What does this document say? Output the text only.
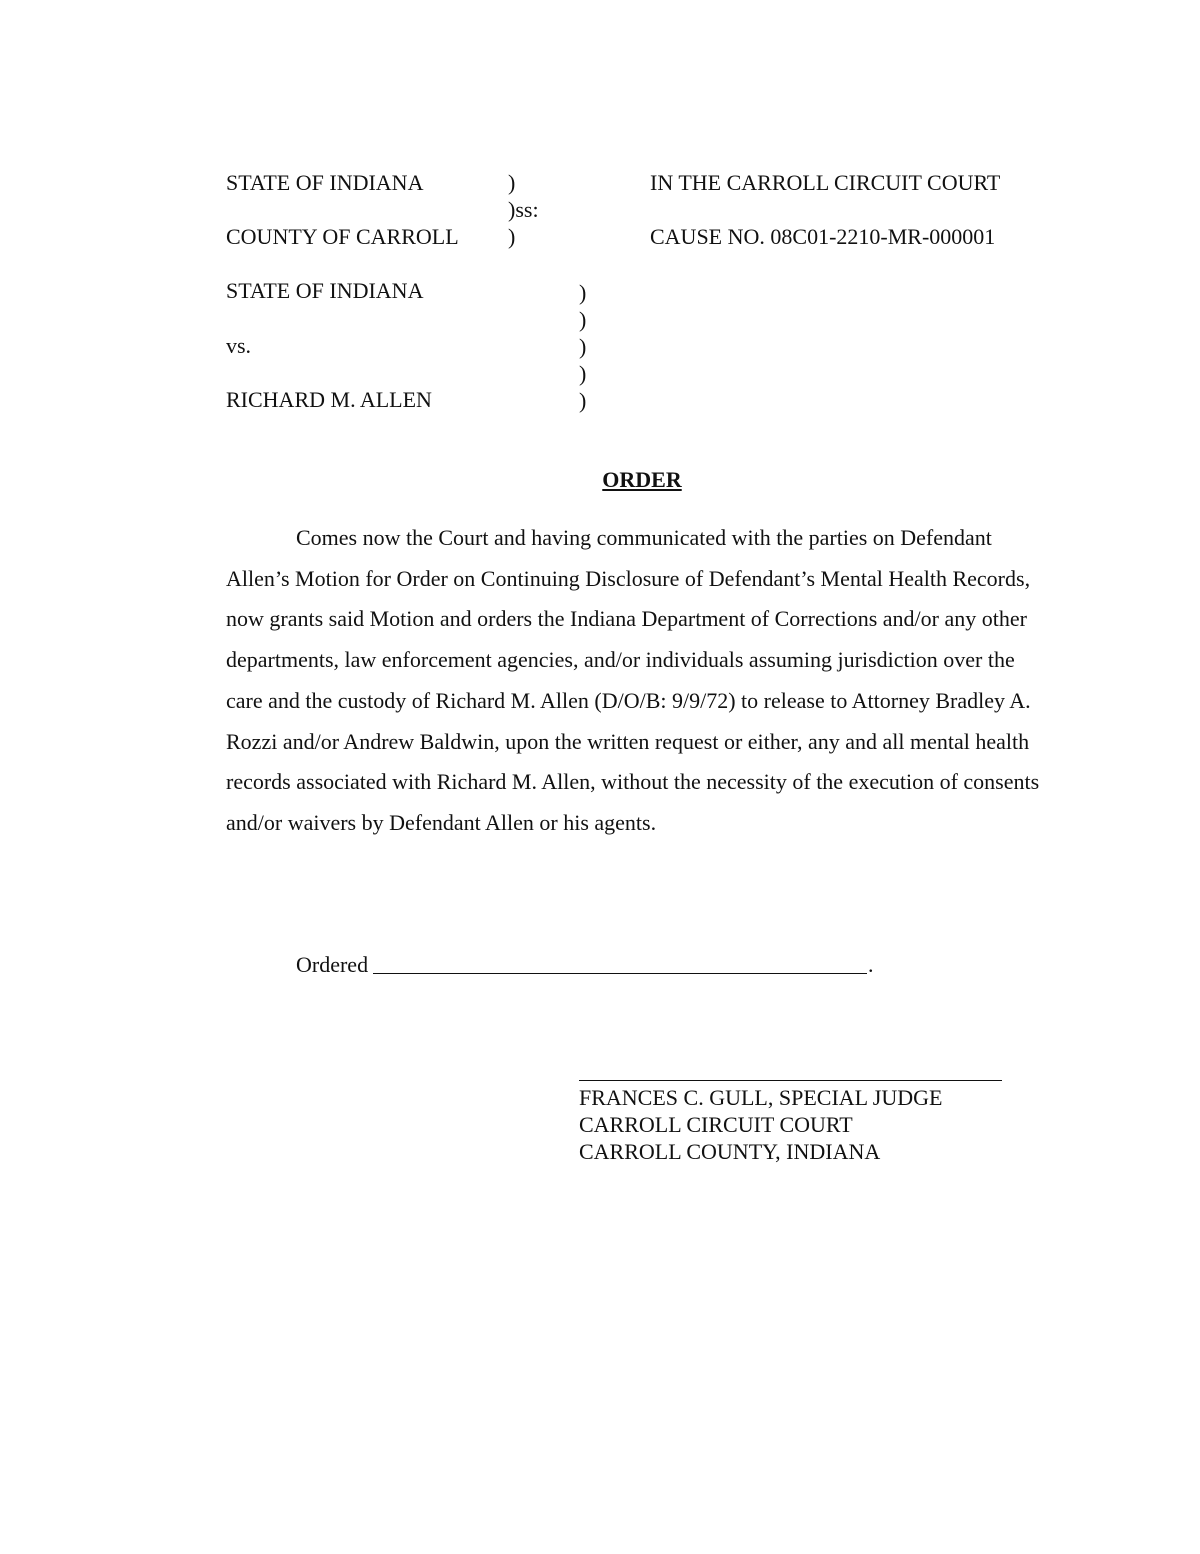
STATE OF INDIANA	)
)ss:
COUNTY OF CARROLL )
IN THE CARROLL CIRCUIT COURT
CAUSE NO. 08C01-2210-MR-000001
STATE OF INDIANA
vs.
RICHARD M. ALLEN
)
)
)
)
)
ORDER

Comes now the Court and having communicated with the parties on Defendant Allen’s Motion for Order on Continuing Disclosure of Defendant’s Mental Health Records, now grants said Motion and orders the Indiana Department of Corrections and/or any other departments, law enforcement agencies, and/or individuals assuming jurisdiction over the care and the custody of Richard M. Allen (D/O/B: 9/9/72) to release to Attorney Bradley A. Rozzi and/or Andrew Baldwin, upon the written request or either, any and all mental health records associated with Richard M. Allen, without the necessity of the execution of consents and/or waivers by Defendant Allen or his agents.

Ordered	.
FRANCES C. GULL, SPECIAL JUDGE
CARROLL CIRCUIT COURT
CARROLL COUNTY, INDIANA
